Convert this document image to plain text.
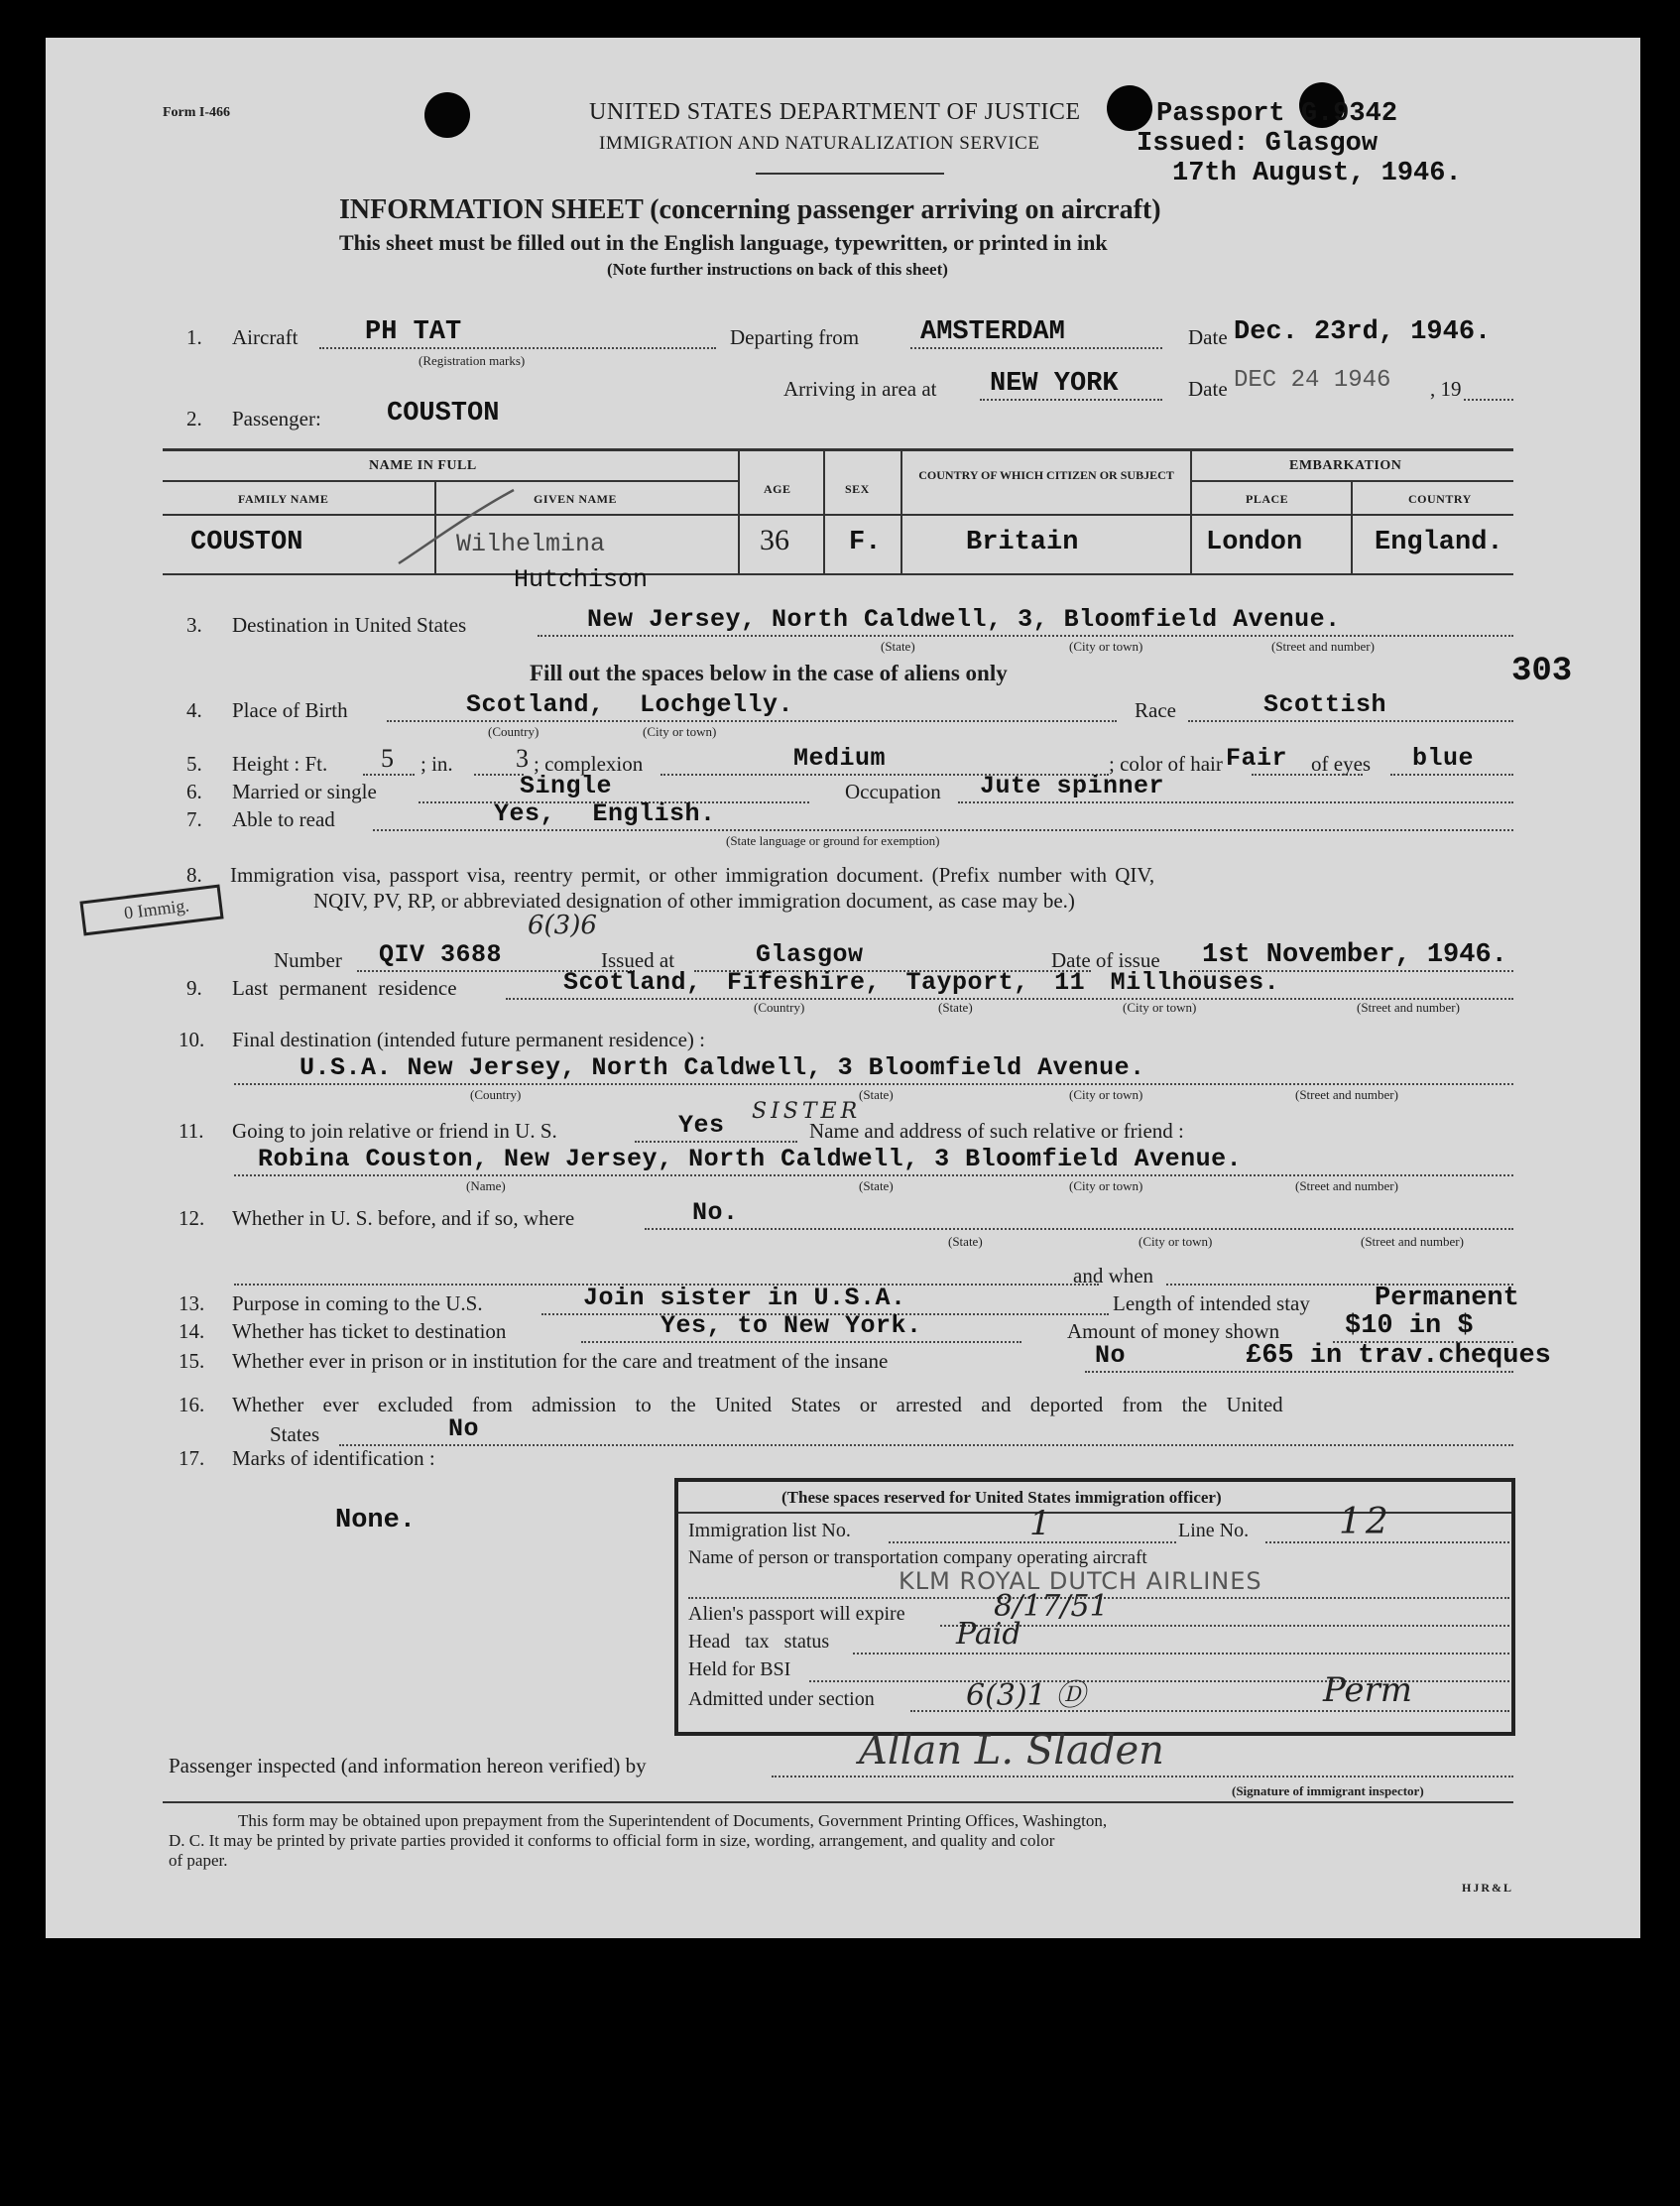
Form I-466	UNITED STATES DEPARTMENT OF JUSTICE
IMMIGRATION AND NATURALIZATION SERVICE
Passport G.9342
Issued: Glasgow
17th August, 1946.
INFORMATION SHEET (concerning passenger arriving on aircraft)
This sheet must be filled out in the English language, typewritten, or printed in ink
(Note further instructions on back of this sheet)
1. Aircraft	PH TAT
(Registration marks)
Departing from AMSTERDAM	Date Dec. 23rd, 1946.
Arriving in area at NEW YORK	Date DEC 24 1946 , 19
2. Passenger: COUSTON
NAME IN FULL
FAMILY NAME	GIVEN NAME
AGE	SEX
COUNTRY OF WHICH CITIZEN OR SUBJECT
EMBARKATION
PLACE	COUNTRY
COUSTON	Wilhelmina
Hutchison
36 F.	Britain	London	England.
3. Destination in United States	New Jersey, North Caldwell, 3, Bloomfield Avenue.
(State)	(City or town)	(Street and number)
Fill out the spaces below in the case of aliens only	303
4. Place of Birth	Scotland, Lochgelly.
(Country)	(City or town)
Race	Scottish
5. Height : Ft. 5 ; in. 3 ; complexion	Medium	; color of hair Fair of eyes blue
6. Married or single	Single	Occupation Jute spinner
7. Able to read	Yes, English.
(State language or ground for exemption)
8. Immigration visa, passport visa, reentry permit, or other immigration document. (Prefix number with QIV,
NQIV, PV, RP, or abbreviated designation of other immigration document, as case may be.)
0 Immig.
6(3)6
Number QIV 3688	Issued at	Glasgow	Date of issue 1st November, 1946.
9. Last permanent residence	Scotland, Fifeshire, Tayport, 11 Millhouses.
(Country)	(State)	(City or town)	(Street and number)
10. Final destination (intended future permanent residence) :
U.S.A. New Jersey, North Caldwell, 3 Bloomfield Avenue.
(Country)	(State)	(City or town)	(Street and number)
11. Going to join relative or friend in U. S.	Yes SISTER
Name and address of such relative or friend :
Robina Couston, New Jersey, North Caldwell, 3 Bloomfield Avenue.
(Name)	(State)	(City or town)	(Street and number)
12. Whether in U. S. before, and if so, where	No.
(State)	(City or town)	(Street and number)
and when
13. Purpose in coming to the U.S.	Join sister in U.S.A.	Length of intended stay Permanent
14. Whether has ticket to destination	Yes, to New York.	Amount of money shown $10 in $
15. Whether ever in prison or in institution for the care and treatment of the insane	No	£65 in trav.cheques
16. Whether ever excluded from admission to the United States or arrested and deported from the United
States	No
17. Marks of identification :
None.
(These spaces reserved for United States immigration officer)
Immigration list No.	1	Line No.	12
Name of person or transportation company operating aircraft
KLM ROYAL DUTCH AIRLINES
Alien's passport will expire	8/17/51
Head tax status	Paid
Held for BSI
Admitted under section	6(3)1 Ⓓ	Perm
Passenger inspected (and information hereon verified) by	Allan L. Sladen
(Signature of immigrant inspector)
This form may be obtained upon prepayment from the Superintendent of Documents, Government Printing Offices, Washington,
D. C. It may be printed by private parties provided it conforms to official form in size, wording, arrangement, and quality and color
of paper.
HJR&L
